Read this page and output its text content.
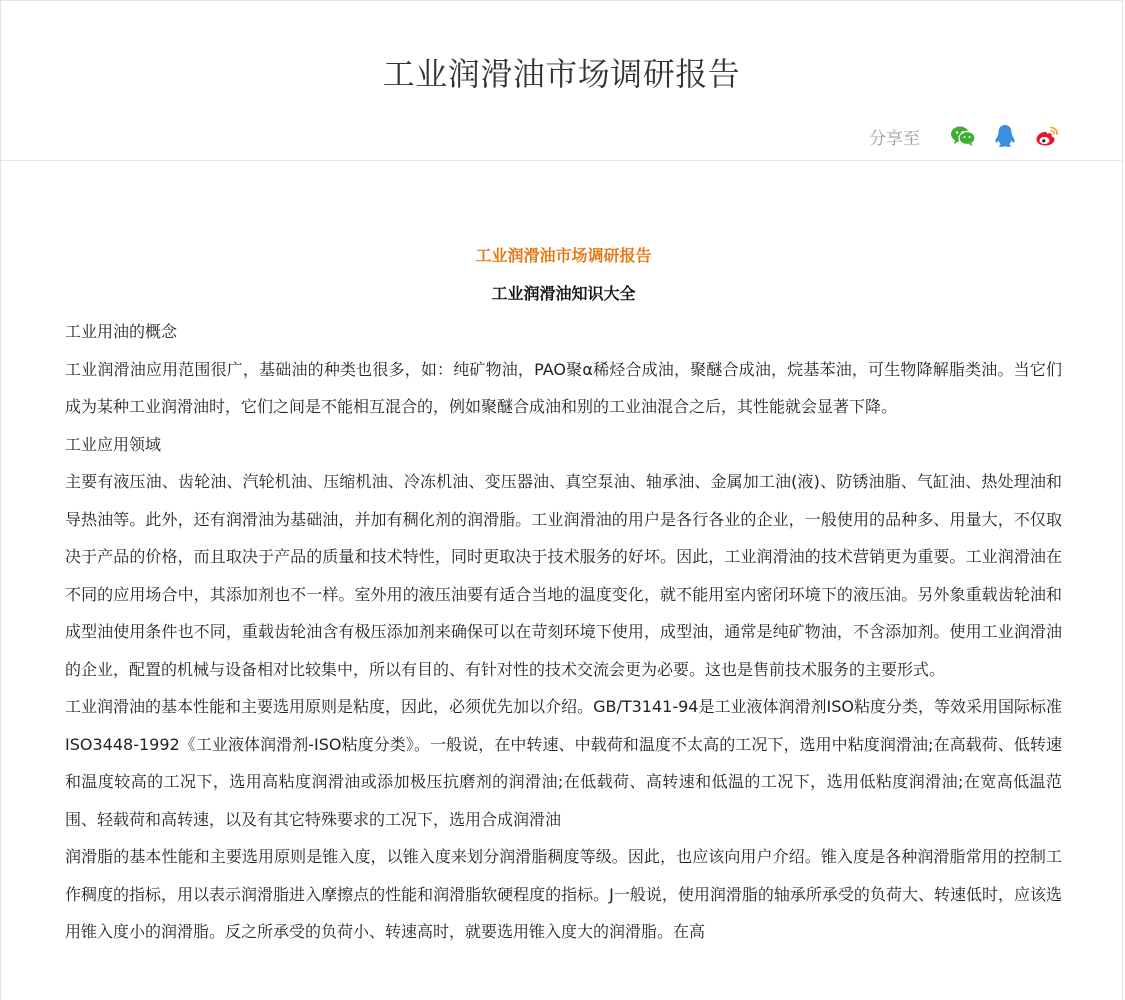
工业润滑油市场调研报告
分享至

工业润滑油市场调研报告

工业润滑油知识大全

工业用油的概念

工业润滑油应用范围很广，基础油的种类也很多，如：纯矿物油，PAO聚α稀烃合成油，聚醚合成油，烷基苯油，可生物降解脂类油。当它们成为某种工业润滑油时，它们之间是不能相互混合的，例如聚醚合成油和别的工业油混合之后，其性能就会显著下降。

工业应用领域

主要有液压油、齿轮油、汽轮机油、压缩机油、冷冻机油、变压器油、真空泵油、轴承油、金属加工油(液)、防锈油脂、气缸油、热处理油和导热油等。此外，还有润滑油为基础油，并加有稠化剂的润滑脂。工业润滑油的用户是各行各业的企业，一般使用的品种多、用量大，不仅取决于产品的价格，而且取决于产品的质量和技术特性，同时更取决于技术服务的好坏。因此，工业润滑油的技术营销更为重要。工业润滑油在不同的应用场合中，其添加剂也不一样。室外用的液压油要有适合当地的温度变化，就不能用室内密闭环境下的液压油。另外象重载齿轮油和成型油使用条件也不同，重载齿轮油含有极压添加剂来确保可以在苛刻环境下使用，成型油，通常是纯矿物油，不含添加剂。使用工业润滑油的企业，配置的机械与设备相对比较集中，所以有目的、有针对性的技术交流会更为必要。这也是售前技术服务的主要形式。

工业润滑油的基本性能和主要选用原则是粘度，因此，必须优先加以介绍。GB/T3141-94是工业液体润滑剂ISO粘度分类，等效采用国际标准ISO3448-1992《工业液体润滑剂-ISO粘度分类》。一般说，在中转速、中载荷和温度不太高的工况下，选用中粘度润滑油;在高载荷、低转速和温度较高的工况下，选用高粘度润滑油或添加极压抗磨剂的润滑油;在低载荷、高转速和低温的工况下，选用低粘度润滑油;在宽高低温范围、轻载荷和高转速，以及有其它特殊要求的工况下，选用合成润滑油

润滑脂的基本性能和主要选用原则是锥入度，以锥入度来划分润滑脂稠度等级。因此，也应该向用户介绍。锥入度是各种润滑脂常用的控制工作稠度的指标，用以表示润滑脂进入摩擦点的性能和润滑脂软硬程度的指标。J一般说，使用润滑脂的轴承所承受的负荷大、转速低时，应该选用锥入度小的润滑脂。反之所承受的负荷小、转速高时，就要选用锥入度大的润滑脂。在高
